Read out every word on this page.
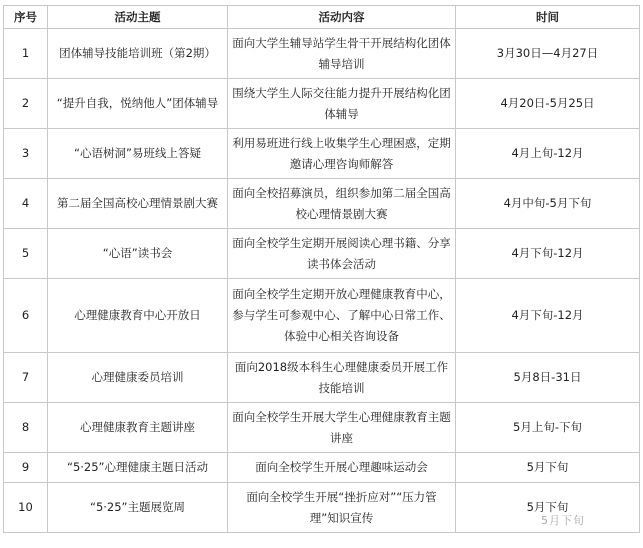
序号	活动主题	活动内容	时间
1	团体辅导技能培训班（第2期）	面向大学生辅导站学生骨干开展结构化团体辅导培训	3月30日—4月27日
2	“提升自我，悦纳他人”团体辅导	围绕大学生人际交往能力提升开展结构化团体辅导	4月20日-5月25日
3	“心语树洞”易班线上答疑	利用易班进行线上收集学生心理困惑，定期邀请心理咨询师解答	4月上旬-12月
4	第二届全国高校心理情景剧大赛	面向全校招募演员，组织参加第二届全国高校心理情景剧大赛	4月中旬-5月下旬
5	“心语”读书会	面向全校学生定期开展阅读心理书籍、分享读书体会活动	4月下旬-12月
6	心理健康教育中心开放日	面向全校学生定期开放心理健康教育中心，参与学生可参观中心、了解中心日常工作、体验中心相关咨询设备	4月下旬-12月
7	心理健康委员培训	面向2018级本科生心理健康委员开展工作技能培训	5月8日-31日
8	心理健康教育主题讲座	面向全校学生开展大学生心理健康教育主题讲座	5月上旬-下旬
9	“5·25”心理健康主题日活动	面向全校学生开展心理趣味运动会	5月下旬
10	“5·25”主题展览周	面向全校学生开展“挫折应对”“压力管理”知识宣传	5月下旬
5月下旬
